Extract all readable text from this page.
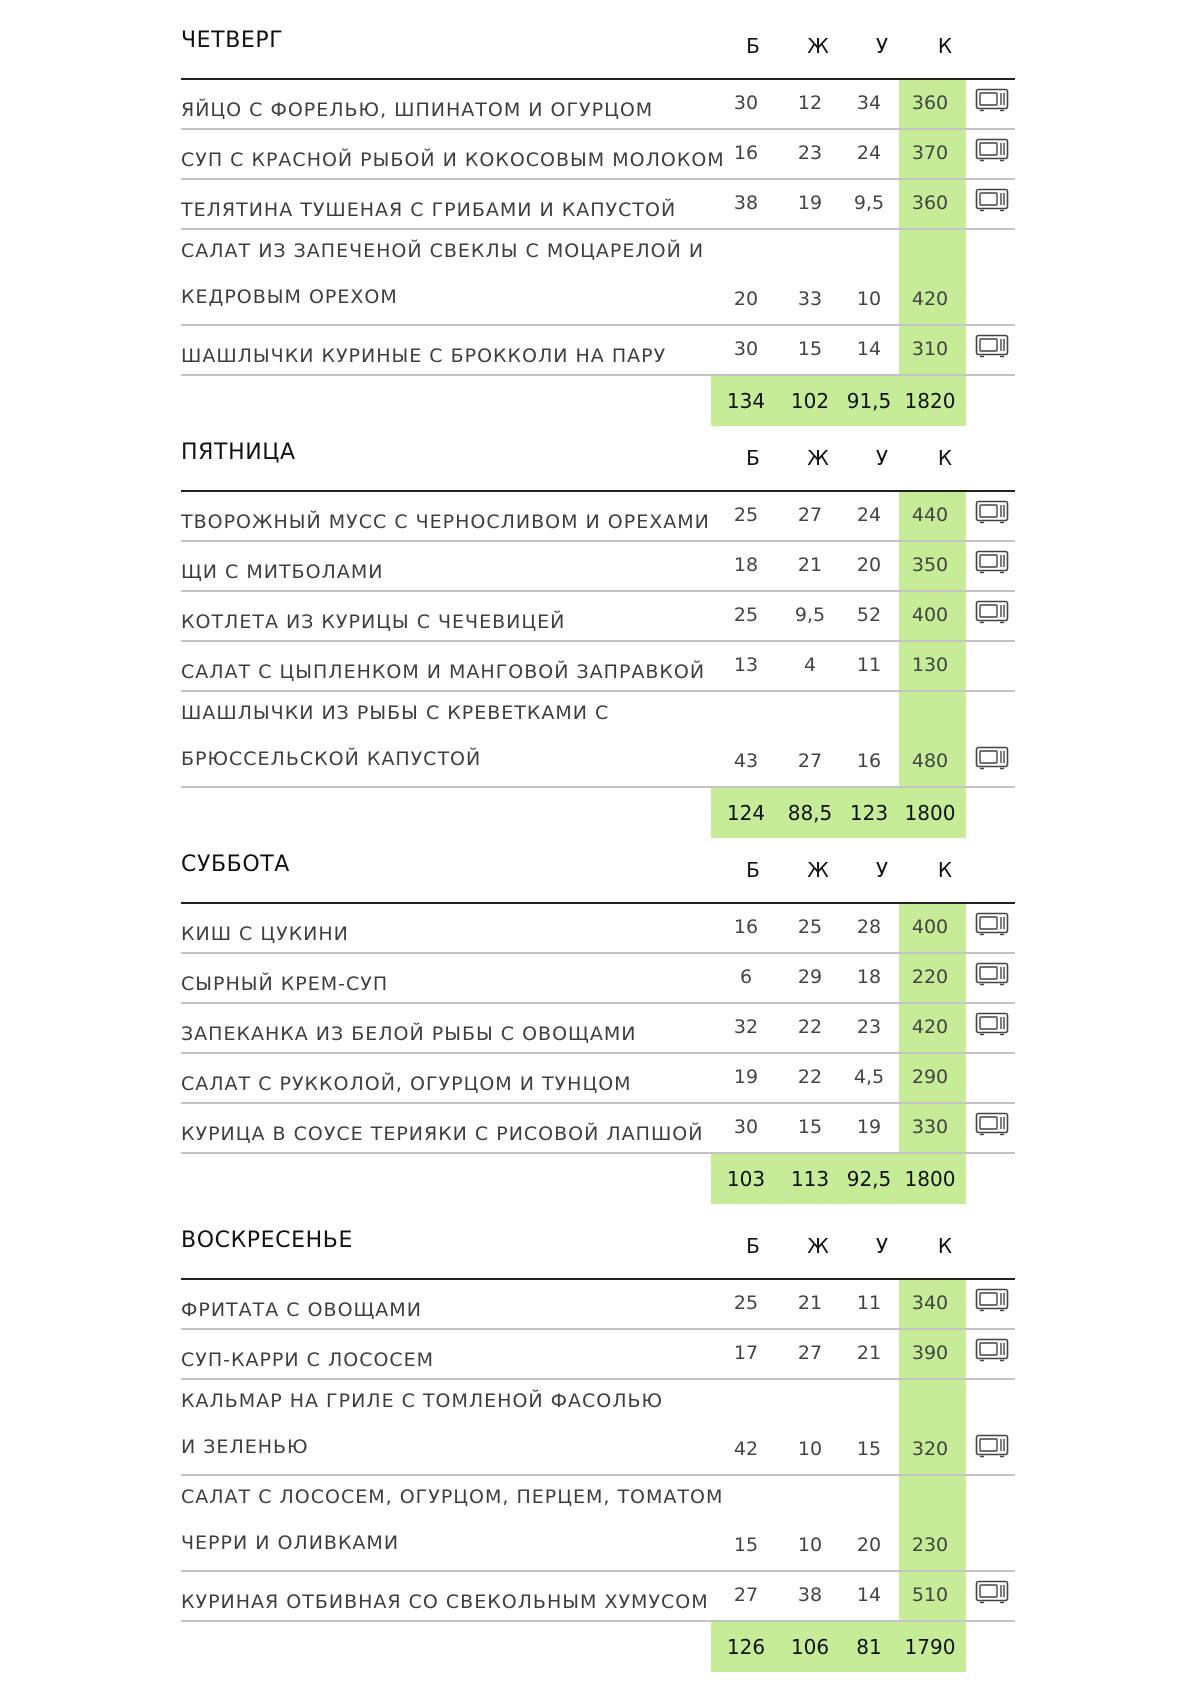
ЧЕТВЕРГ	Б	Ж	У	К
ЯЙЦО С ФОРЕЛЬЮ, ШПИНАТОМ И ОГУРЦОМ	30	12	34	360
СУП С КРАСНОЙ РЫБОЙ И КОКОСОВЫМ МОЛОКОМ 16	23	24	370
ТЕЛЯТИНА ТУШЕНАЯ С ГРИБАМИ И КАПУСТОЙ	38	19	9,5	360
САЛАТ ИЗ ЗАПЕЧЕНОЙ СВЕКЛЫ С МОЦАРЕЛОЙ И
КЕДРОВЫМ ОРЕХОМ	20	33	10	420
ШАШЛЫЧКИ КУРИНЫЕ С БРОККОЛИ НА ПАРУ	30	15	14	310
134	102 91,5 1820
ПЯТНИЦА	Б	Ж	У	К
ТВОРОЖНЫЙ МУСС С ЧЕРНОСЛИВОМ И ОРЕХАМИ	25	27	24	440
ЩИ С МИТБОЛАМИ	18	21	20	350
КОТЛЕТА ИЗ КУРИЦЫ С ЧЕЧЕВИЦЕЙ	25	9,5	52	400
САЛАТ С ЦЫПЛЕНКОМ И МАНГОВОЙ ЗАПРАВКОЙ	13	4	11	130
ШАШЛЫЧКИ ИЗ РЫБЫ С КРЕВЕТКАМИ С
БРЮССЕЛЬСКОЙ КАПУСТОЙ	43	27	16	480
124	88,5 123 1800
СУББОТА	Б	Ж	У	К
КИШ С ЦУКИНИ	16	25	28	400
СЫРНЫЙ КРЕМ-СУП	6	29	18	220
ЗАПЕКАНКА ИЗ БЕЛОЙ РЫБЫ С ОВОЩАМИ	32	22	23	420
САЛАТ С РУККОЛОЙ, ОГУРЦОМ И ТУНЦОМ	19	22	4,5	290
КУРИЦА В СОУСЕ ТЕРИЯКИ С РИСОВОЙ ЛАПШОЙ	30	15	19	330
103	113 92,5 1800
ВОСКРЕСЕНЬЕ	Б	Ж	У	К
ФРИТАТА С ОВОЩАМИ	25	21	11	340
СУП-КАРРИ С ЛОСОСЕМ	17	27	21	390
КАЛЬМАР НА ГРИЛЕ С ТОМЛЕНОЙ ФАСОЛЬЮ
И ЗЕЛЕНЬЮ	42	10	15	320
САЛАТ С ЛОСОСЕМ, ОГУРЦОМ, ПЕРЦЕМ, ТОМАТОМ
ЧЕРРИ И ОЛИВКАМИ	15	10	20	230
КУРИНАЯ ОТБИВНАЯ СО СВЕКОЛЬНЫМ ХУМУСОМ	27	38	14	510
126	106	81	1790
